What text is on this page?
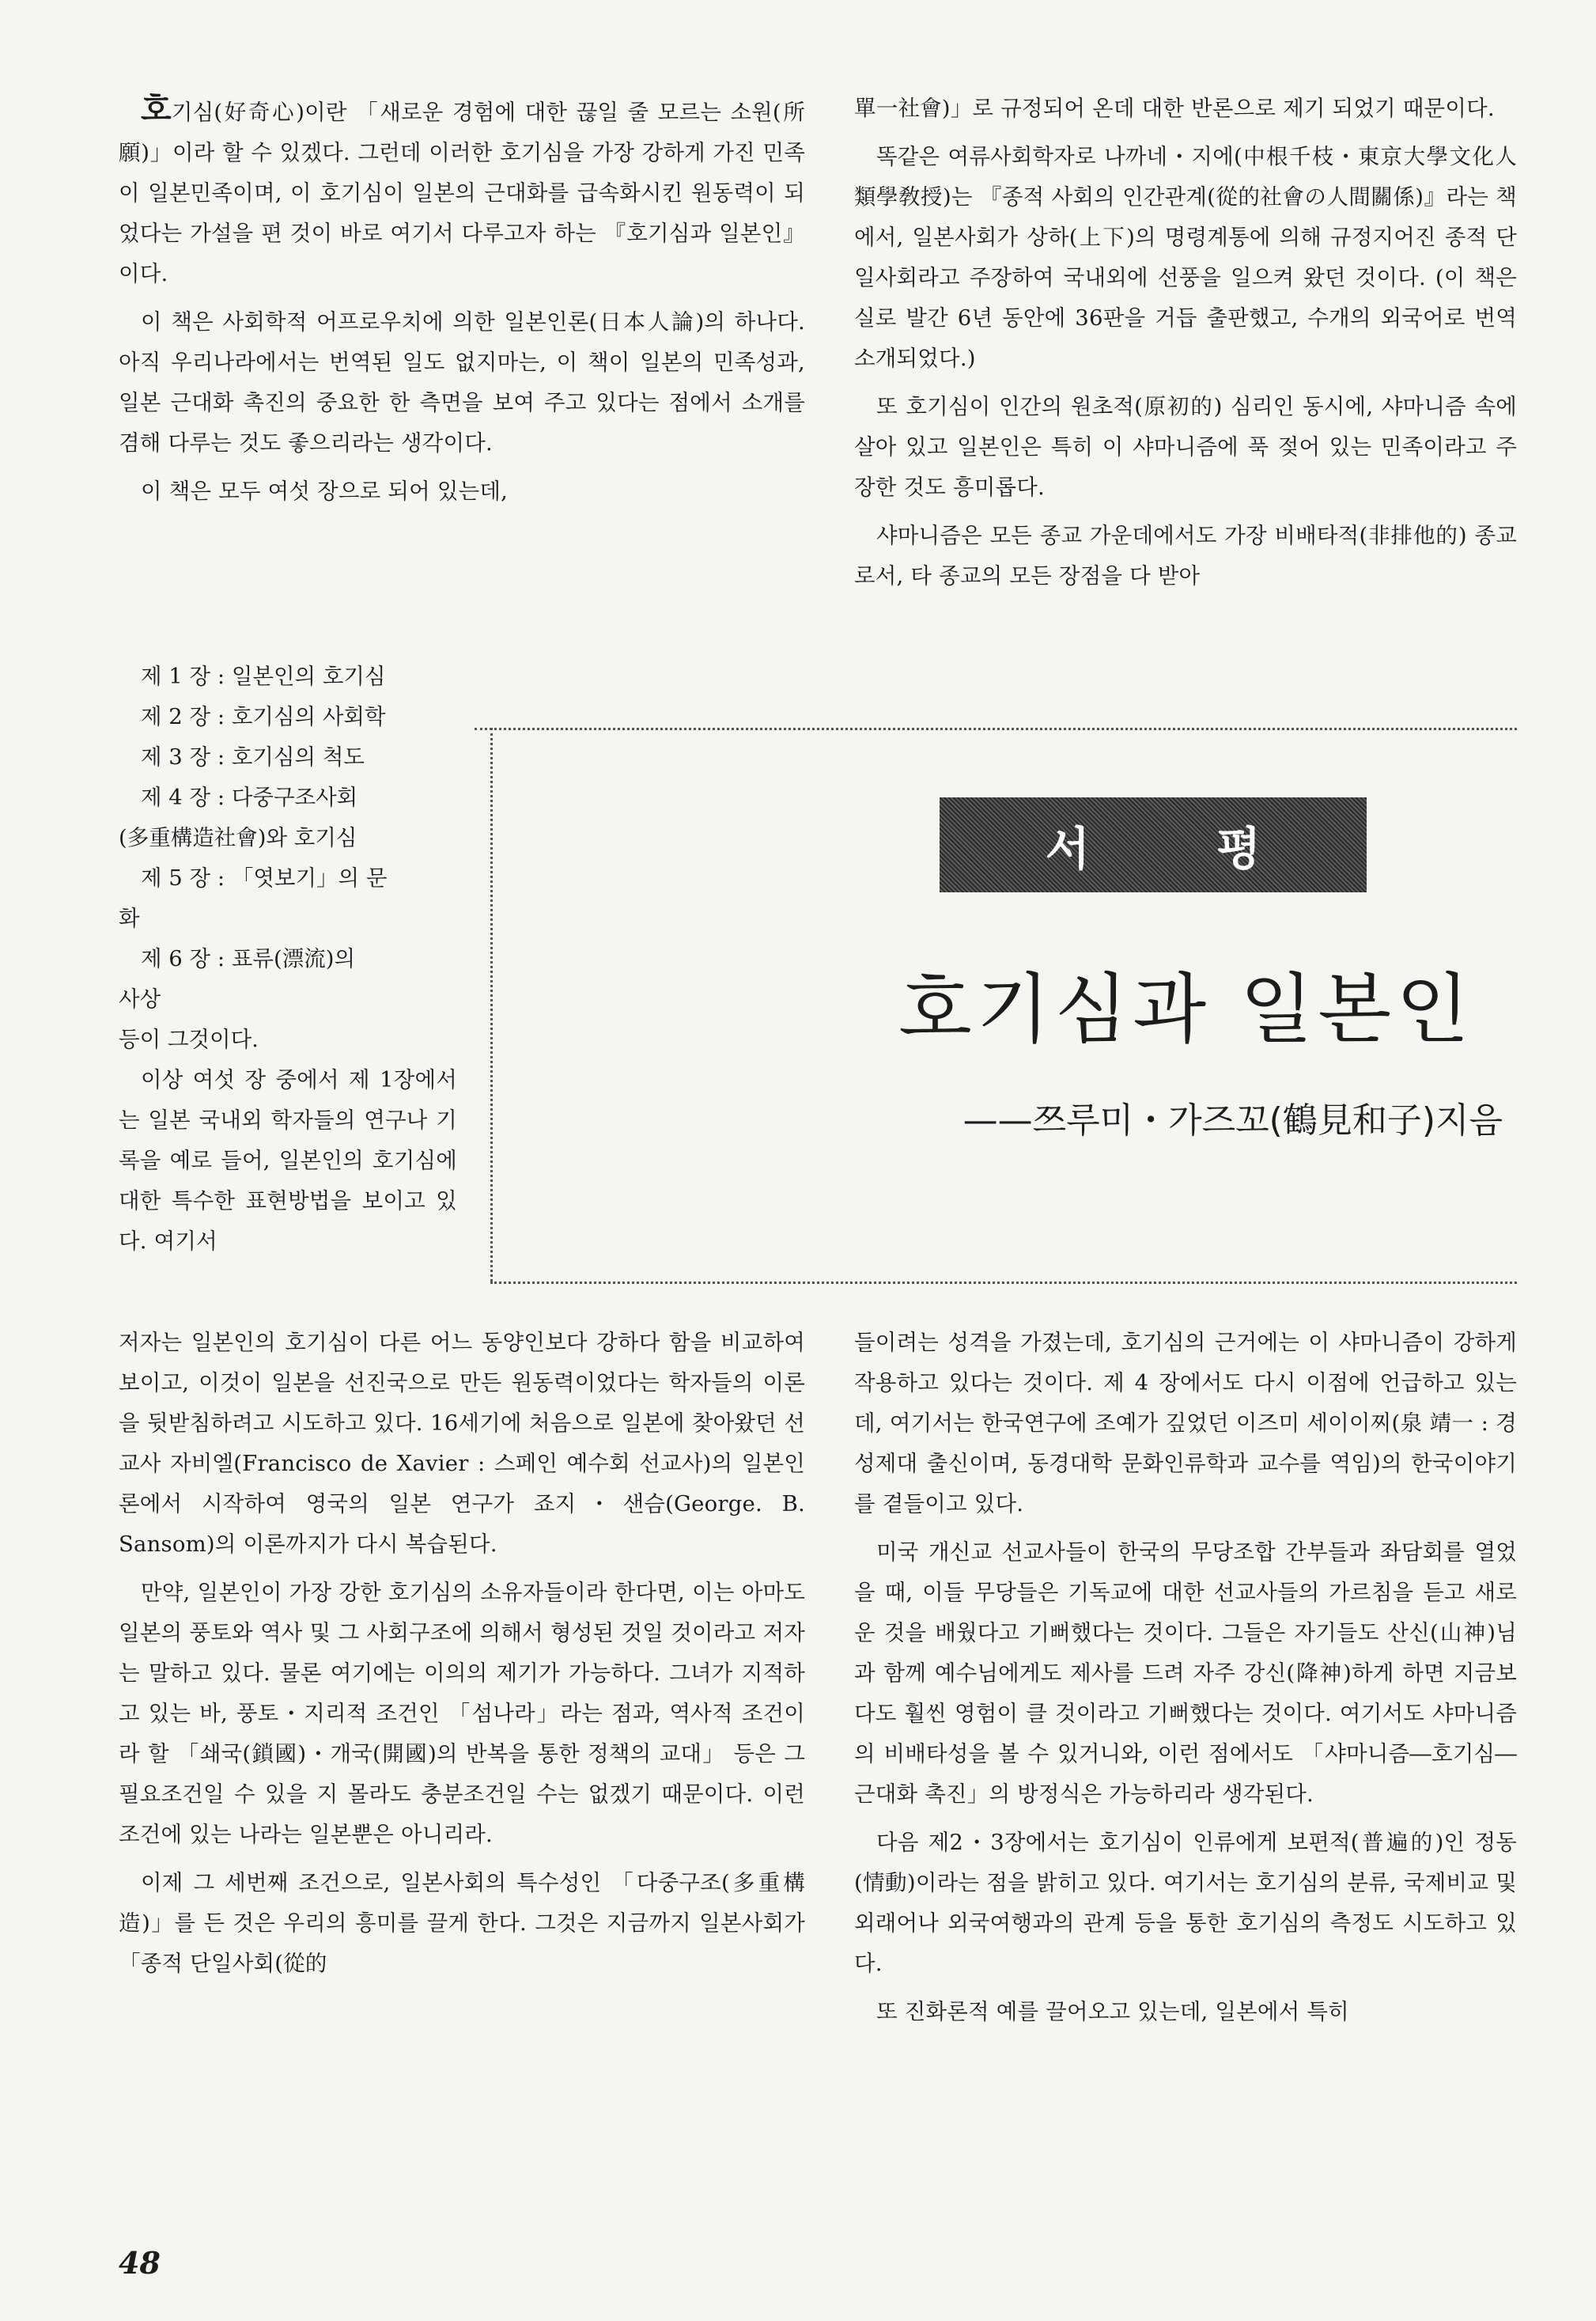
호기심(好奇心)이란 「새로운 경험에 대한 끊일 줄 모르는 소원(所願)」이라 할 수 있겠다. 그런데 이러한 호기심을 가장 강하게 가진 민족이 일본민족이며, 이 호기심이 일본의 근대화를 급속화시킨 원동력이 되었다는 가설을 편 것이 바로 여기서 다루고자 하는 『호기심과 일본인』이다.

이 책은 사회학적 어프로우치에 의한 일본인론(日本人論)의 하나다. 아직 우리나라에서는 번역된 일도 없지마는, 이 책이 일본의 민족성과, 일본 근대화 촉진의 중요한 한 측면을 보여 주고 있다는 점에서 소개를 겸해 다루는 것도 좋으리라는 생각이다.

이 책은 모두 여섯 장으로 되어 있는데,

제 1 장 : 일본인의 호기심
제 2 장 : 호기심의 사회학
제 3 장 : 호기심의 척도
제 4 장 : 다중구조사회
(多重構造社會)와 호기심
제 5 장 : 「엿보기」의 문
화
제 6 장 : 표류(漂流)의
사상
등이 그것이다.

이상 여섯 장 중에서 제 1장에서는 일본 국내외 학자들의 연구나 기록을 예로 들어, 일본인의 호기심에 대한 특수한 표현방법을 보이고 있다. 여기서

저자는 일본인의 호기심이 다른 어느 동양인보다 강하다 함을 비교하여 보이고, 이것이 일본을 선진국으로 만든 원동력이었다는 학자들의 이론을 뒷받침하려고 시도하고 있다. 16세기에 처음으로 일본에 찾아왔던 선교사 자비엘(Francisco de Xavier : 스페인 예수회 선교사)의 일본인론에서 시작하여 영국의 일본 연구가 죠지・샌슴(George. B. Sansom)의 이론까지가 다시 복습된다.

만약, 일본인이 가장 강한 호기심의 소유자들이라 한다면, 이는 아마도 일본의 풍토와 역사 및 그 사회구조에 의해서 형성된 것일 것이라고 저자는 말하고 있다. 물론 여기에는 이의의 제기가 가능하다. 그녀가 지적하고 있는 바, 풍토・지리적 조건인 「섬나라」라는 점과, 역사적 조건이라 할 「쇄국(鎖國)・개국(開國)의 반복을 통한 정책의 교대」 등은 그 필요조건일 수 있을 지 몰라도 충분조건일 수는 없겠기 때문이다. 이런 조건에 있는 나라는 일본뿐은 아니리라.

이제 그 세번째 조건으로, 일본사회의 특수성인 「다중구조(多重構造)」를 든 것은 우리의 흥미를 끌게 한다. 그것은 지금까지 일본사회가 「종적 단일사회(從的

單一社會)」로 규정되어 온데 대한 반론으로 제기 되었기 때문이다.

똑같은 여류사회학자로 나까네・지에(中根千枝・東京大學文化人類學敎授)는 『종적 사회의 인간관계(從的社會の人間關係)』라는 책에서, 일본사회가 상하(上下)의 명령계통에 의해 규정지어진 종적 단일사회라고 주장하여 국내외에 선풍을 일으켜 왔던 것이다. (이 책은 실로 발간 6년 동안에 36판을 거듭 출판했고, 수개의 외국어로 번역 소개되었다.)

또 호기심이 인간의 원초적(原初的) 심리인 동시에, 샤마니즘 속에 살아 있고 일본인은 특히 이 샤마니즘에 푹 젖어 있는 민족이라고 주장한 것도 흥미롭다.

샤마니즘은 모든 종교 가운데에서도 가장 비배타적(非排他的) 종교로서, 타 종교의 모든 장점을 다 받아

서 평
호기심과 일본인

——쯔루미・가즈꼬(鶴見和子)지음

들이려는 성격을 가졌는데, 호기심의 근거에는 이 샤마니즘이 강하게 작용하고 있다는 것이다. 제 4 장에서도 다시 이점에 언급하고 있는데, 여기서는 한국연구에 조예가 깊었던 이즈미 세이이찌(泉 靖一 : 경성제대 출신이며, 동경대학 문화인류학과 교수를 역임)의 한국이야기를 곁들이고 있다.

미국 개신교 선교사들이 한국의 무당조합 간부들과 좌담회를 열었을 때, 이들 무당들은 기독교에 대한 선교사들의 가르침을 듣고 새로운 것을 배웠다고 기뻐했다는 것이다. 그들은 자기들도 산신(山神)님과 함께 예수님에게도 제사를 드려 자주 강신(降神)하게 하면 지금보다도 훨씬 영험이 클 것이라고 기뻐했다는 것이다. 여기서도 샤마니즘의 비배타성을 볼 수 있거니와, 이런 점에서도 「샤마니즘―호기심―근대화 촉진」의 방정식은 가능하리라 생각된다.

다음 제2・3장에서는 호기심이 인류에게 보편적(普遍的)인 정동(情動)이라는 점을 밝히고 있다. 여기서는 호기심의 분류, 국제비교 및 외래어나 외국여행과의 관계 등을 통한 호기심의 측정도 시도하고 있다.

또 진화론적 예를 끌어오고 있는데, 일본에서 특히

48
